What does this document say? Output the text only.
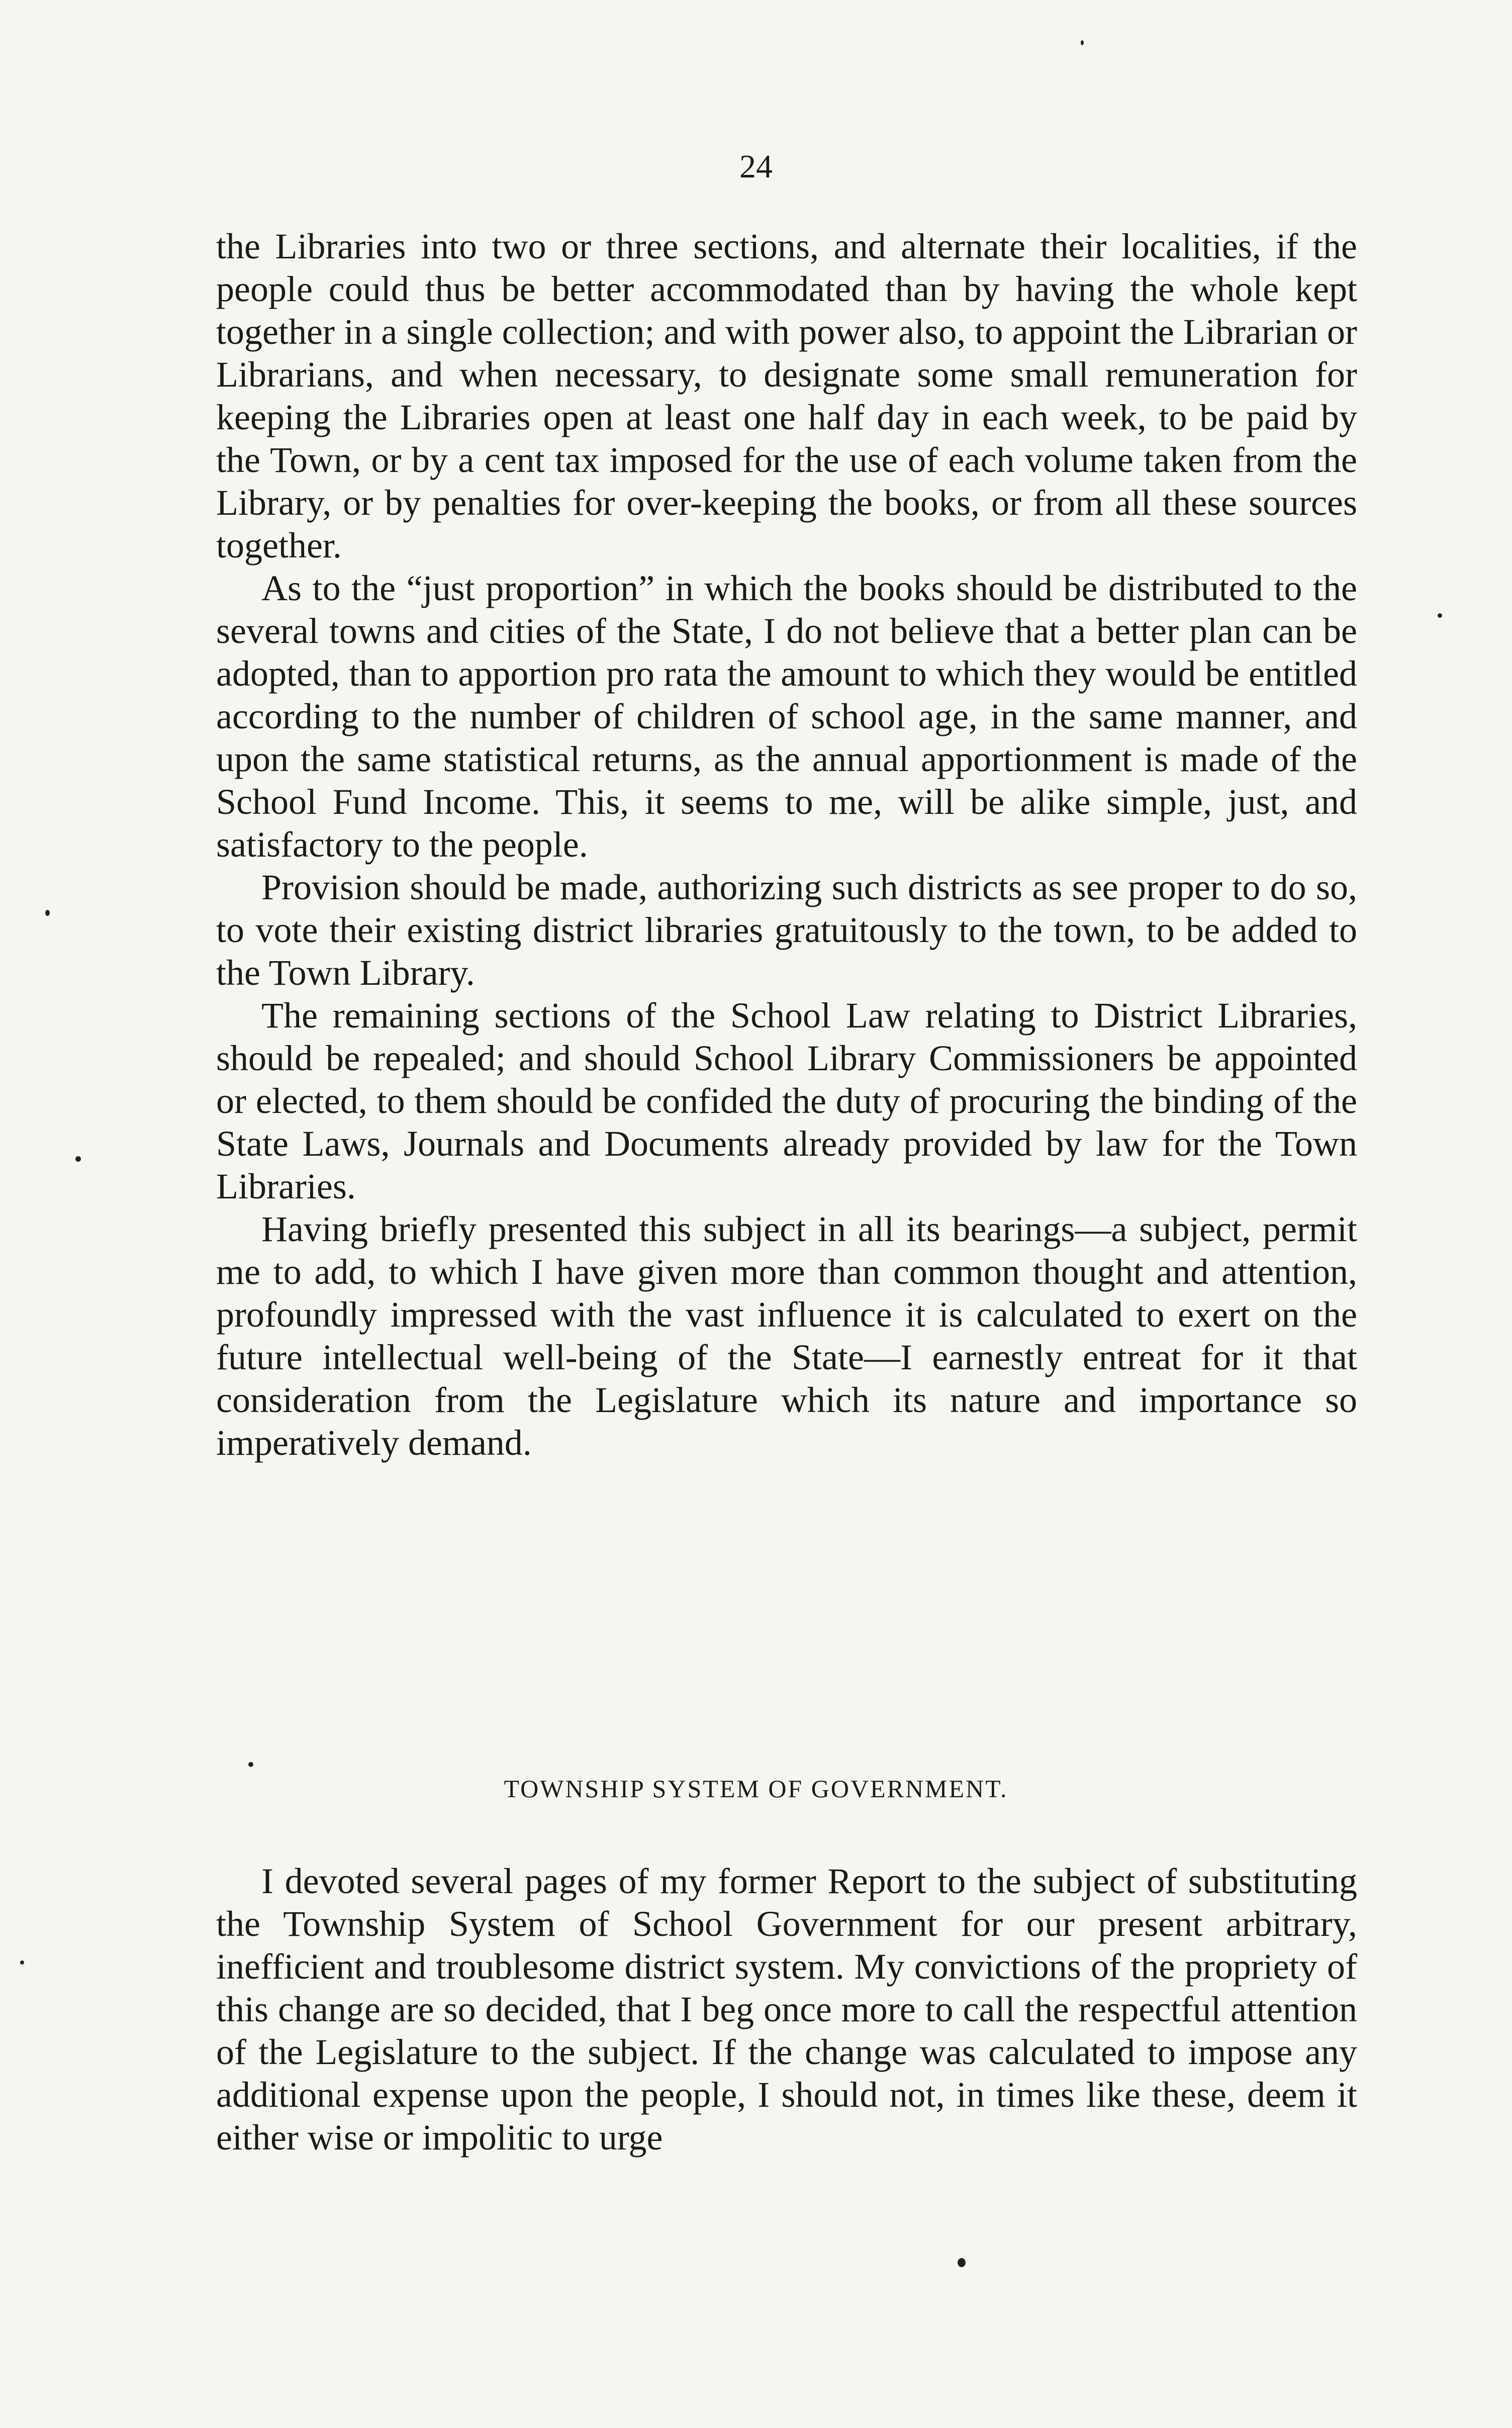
24

the Libraries into two or three sections, and alternate their localities, if the people could thus be better accommodated than by having the whole kept together in a single collection; and with power also, to appoint the Librarian or Librarians, and when necessary, to designate some small remuneration for keeping the Libraries open at least one half day in each week, to be paid by the Town, or by a cent tax imposed for the use of each volume taken from the Library, or by penalties for over-keeping the books, or from all these sources together.

As to the “just proportion” in which the books should be distributed to the several towns and cities of the State, I do not believe that a better plan can be adopted, than to apportion pro rata the amount to which they would be entitled according to the number of children of school age, in the same manner, and upon the same statistical returns, as the annual apportionment is made of the School Fund Income. This, it seems to me, will be alike simple, just, and satisfactory to the people.

Provision should be made, authorizing such districts as see proper to do so, to vote their existing district libraries gratuitously to the town, to be added to the Town Library.

The remaining sections of the School Law relating to District Libraries, should be repealed; and should School Library Commissioners be appointed or elected, to them should be confided the duty of procuring the binding of the State Laws, Journals and Documents already provided by law for the Town Libraries.

Having briefly presented this subject in all its bearings—a subject, permit me to add, to which I have given more than common thought and attention, profoundly impressed with the vast influence it is calculated to exert on the future intellectual well-being of the State—I earnestly entreat for it that consideration from the Legislature which its nature and importance so imperatively demand.

TOWNSHIP SYSTEM OF GOVERNMENT.

I devoted several pages of my former Report to the subject of substituting the Township System of School Government for our present arbitrary, inefficient and troublesome district system. My convictions of the propriety of this change are so decided, that I beg once more to call the respectful attention of the Legislature to the subject. If the change was calculated to impose any additional expense upon the people, I should not, in times like these, deem it either wise or impolitic to urge
